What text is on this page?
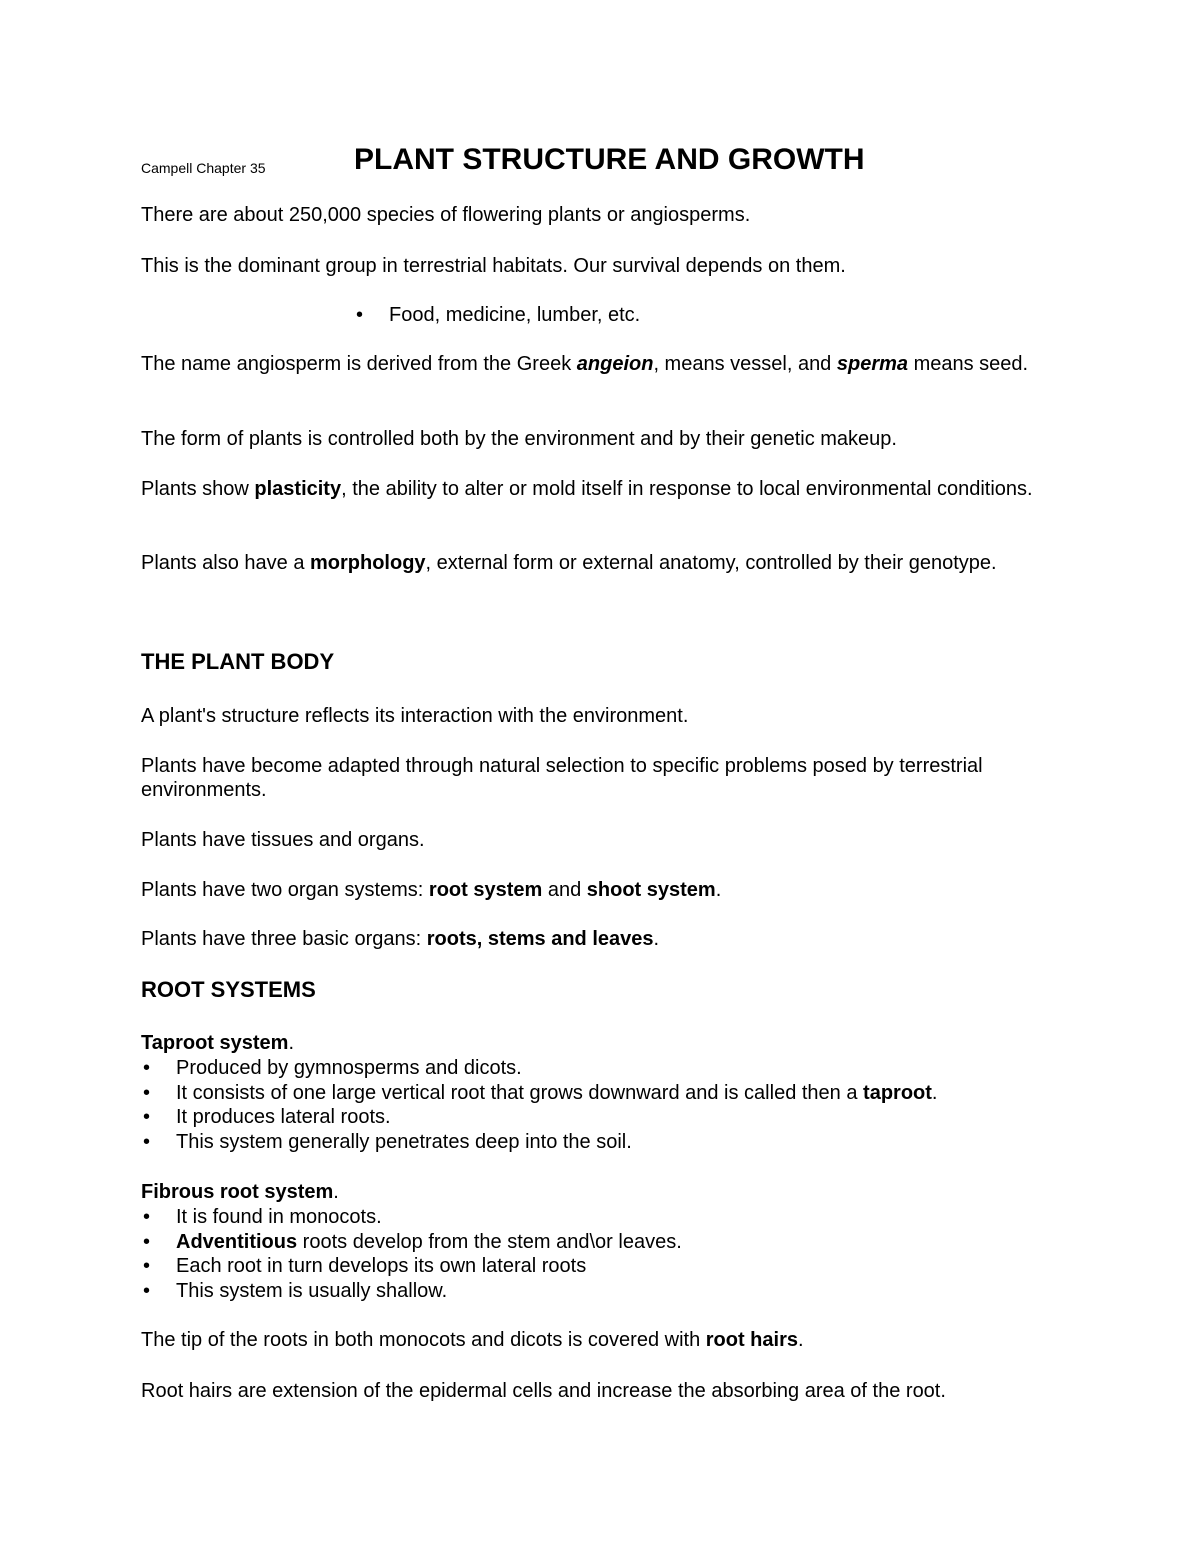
Campell Chapter 35	PLANT STRUCTURE AND GROWTH
There are about 250,000 species of flowering plants or angiosperms.
This is the dominant group in terrestrial habitats. Our survival depends on them.
• Food, medicine, lumber, etc.
The name angiosperm is derived from the Greek angeion, means vessel, and sperma means seed.
The form of plants is controlled both by the environment and by their genetic makeup.
Plants show plasticity, the ability to alter or mold itself in response to local environmental conditions.
Plants also have a morphology, external form or external anatomy, controlled by their genotype.
THE PLANT BODY
A plant's structure reflects its interaction with the environment.
Plants have become adapted through natural selection to specific problems posed by terrestrial environments.
Plants have tissues and organs.
Plants have two organ systems: root system and shoot system.
Plants have three basic organs: roots, stems and leaves.
ROOT SYSTEMS
Taproot system.
• Produced by gymnosperms and dicots.
• It consists of one large vertical root that grows downward and is called then a taproot.
• It produces lateral roots.
• This system generally penetrates deep into the soil.
Fibrous root system.
• It is found in monocots.
• Adventitious roots develop from the stem and\or leaves.
• Each root in turn develops its own lateral roots
• This system is usually shallow.
The tip of the roots in both monocots and dicots is covered with root hairs.
Root hairs are extension of the epidermal cells and increase the absorbing area of the root.
